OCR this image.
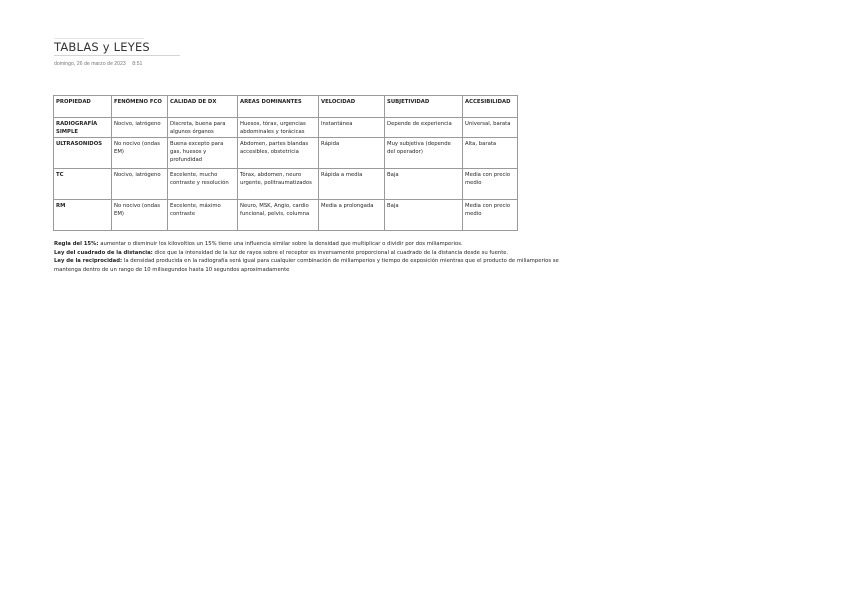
TABLAS y LEYES
domingo, 26 de marzo de 2023 8:51
PROPIEDAD	FENÓMENO FCO	CALIDAD DE DX	AREAS DOMINANTES	VELOCIDAD	SUBJETIVIDAD	ACCESIBILIDAD
RADIOGRAFÍA SIMPLE	Nocivo, iatrógeno	Discreta, buena para algunos órganos	Huesos, tórax, urgencias abdominales y torácicas	Instantánea	Depende de experiencia	Universal, barata
ULTRASONIDOS	No nocivo (ondas EM)	Buena excepto para gas, huesos y profundidad	Abdomen, partes blandas accesibles, obstetricia	Rápida	Muy subjetiva (depende del operador)	Alta, barata
TC	Nocivo, iatrógeno	Excelente, mucho contraste y resolución	Tórax, abdomen, neuro urgente, politraumatizados	Rápida a media	Baja	Media con precio medio
RM	No nocivo (ondas EM)	Excelente, máximo contraste	Neuro, MSK, Angio, cardio funcional, pelvis, columna	Media a prolongada	Baja	Media con precio medio

Regla del 15%: aumentar o disminuir los kilovoltios un 15% tiene una influencia similar sobre la densidad que multiplicar o dividir por dos miliamperios.

Ley del cuadrado de la distancia: dice que la intensidad de la luz de rayos sobre el receptor es inversamente proporcional al cuadrado de la distancia desde su fuente.

Ley de la reciprocidad: la densidad producida en la radiografía será igual para cualquier combinación de miliamperios y tiempo de exposición mientras que el producto de miliamperios se mantenga dentro de un rango de 10 milisegundos hasta 10 segundos aproximadamente
